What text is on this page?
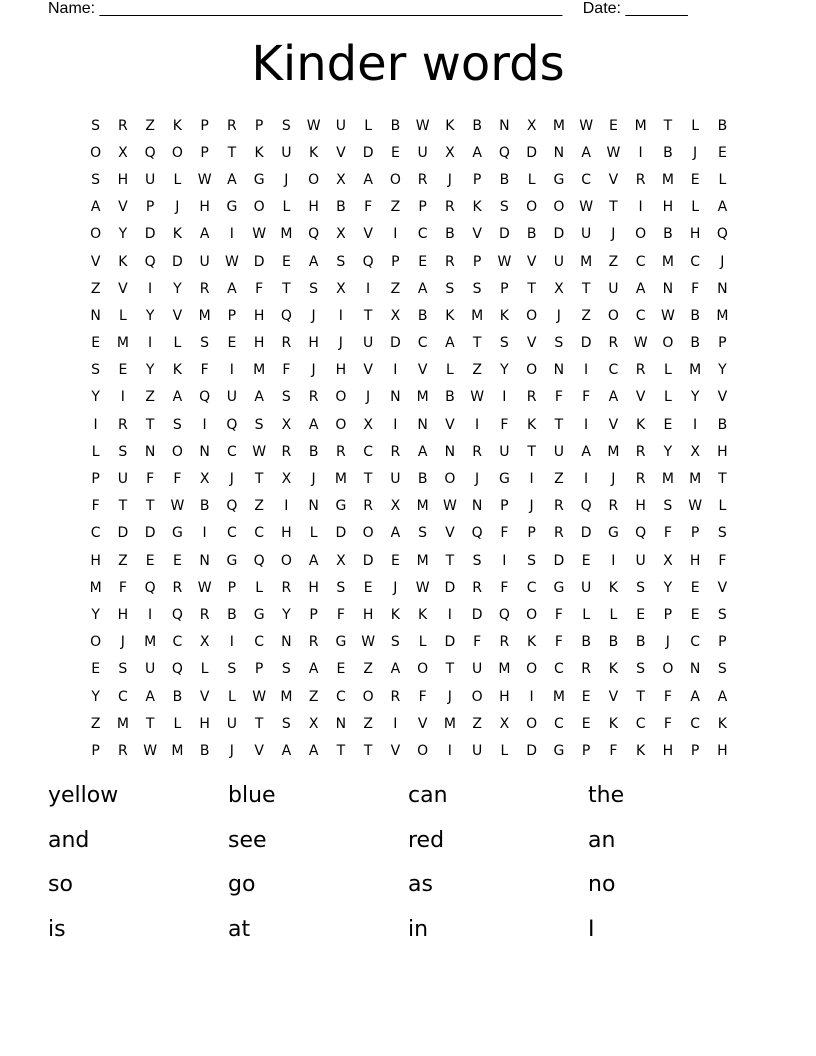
Name: ____________________________________________________ Date: _______
Kinder words
S	R	Z	K	P	R	P	S	W	U	L	B	W	K	B	N	X	M	W	E	M	T	L	B
O	X	Q	O	P	T	K	U	K	V	D	E	U	X	A	Q	D	N	A	W	I	B	J	E
S	H	U	L	W	A	G	J	O	X	A	O	R	J	P	B	L	G	C	V	R	M	E	L
A	V	P	J	H	G	O	L	H	B	F	Z	P	R	K	S	O	O	W	T	I	H	L	A
O	Y	D	K	A	I	W	M	Q	X	V	I	C	B	V	D	B	D	U	J	O	B	H	Q
V	K	Q	D	U	W	D	E	A	S	Q	P	E	R	P	W	V	U	M	Z	C	M	C	J
Z	V	I	Y	R	A	F	T	S	X	I	Z	A	S	S	P	T	X	T	U	A	N	F	N
N	L	Y	V	M	P	H	Q	J	I	T	X	B	K	M	K	O	J	Z	O	C	W	B	M
E	M	I	L	S	E	H	R	H	J	U	D	C	A	T	S	V	S	D	R	W	O	B	P
S	E	Y	K	F	I	M	F	J	H	V	I	V	L	Z	Y	O	N	I	C	R	L	M	Y
Y	I	Z	A	Q	U	A	S	R	O	J	N	M	B	W	I	R	F	F	A	V	L	Y	V
I	R	T	S	I	Q	S	X	A	O	X	I	N	V	I	F	K	T	I	V	K	E	I	B
L	S	N	O	N	C	W	R	B	R	C	R	A	N	R	U	T	U	A	M	R	Y	X	H
P	U	F	F	X	J	T	X	J	M	T	U	B	O	J	G	I	Z	I	J	R	M	M	T
F	T	T	W	B	Q	Z	I	N	G	R	X	M	W	N	P	J	R	Q	R	H	S	W	L
C	D	D	G	I	C	C	H	L	D	O	A	S	V	Q	F	P	R	D	G	Q	F	P	S
H	Z	E	E	N	G	Q	O	A	X	D	E	M	T	S	I	S	D	E	I	U	X	H	F
M	F	Q	R	W	P	L	R	H	S	E	J	W	D	R	F	C	G	U	K	S	Y	E	V
Y	H	I	Q	R	B	G	Y	P	F	H	K	K	I	D	Q	O	F	L	L	E	P	E	S
O	J	M	C	X	I	C	N	R	G	W	S	L	D	F	R	K	F	B	B	B	J	C	P
E	S	U	Q	L	S	P	S	A	E	Z	A	O	T	U	M	O	C	R	K	S	O	N	S
Y	C	A	B	V	L	W	M	Z	C	O	R	F	J	O	H	I	M	E	V	T	F	A	A
Z	M	T	L	H	U	T	S	X	N	Z	I	V	M	Z	X	O	C	E	K	C	F	C	K
P	R	W	M	B	J	V	A	A	T	T	V	O	I	U	L	D	G	P	F	K	H	P	H
yellow	blue	can	the
and	see	red	an
so	go	as	no
is	at	in	I
